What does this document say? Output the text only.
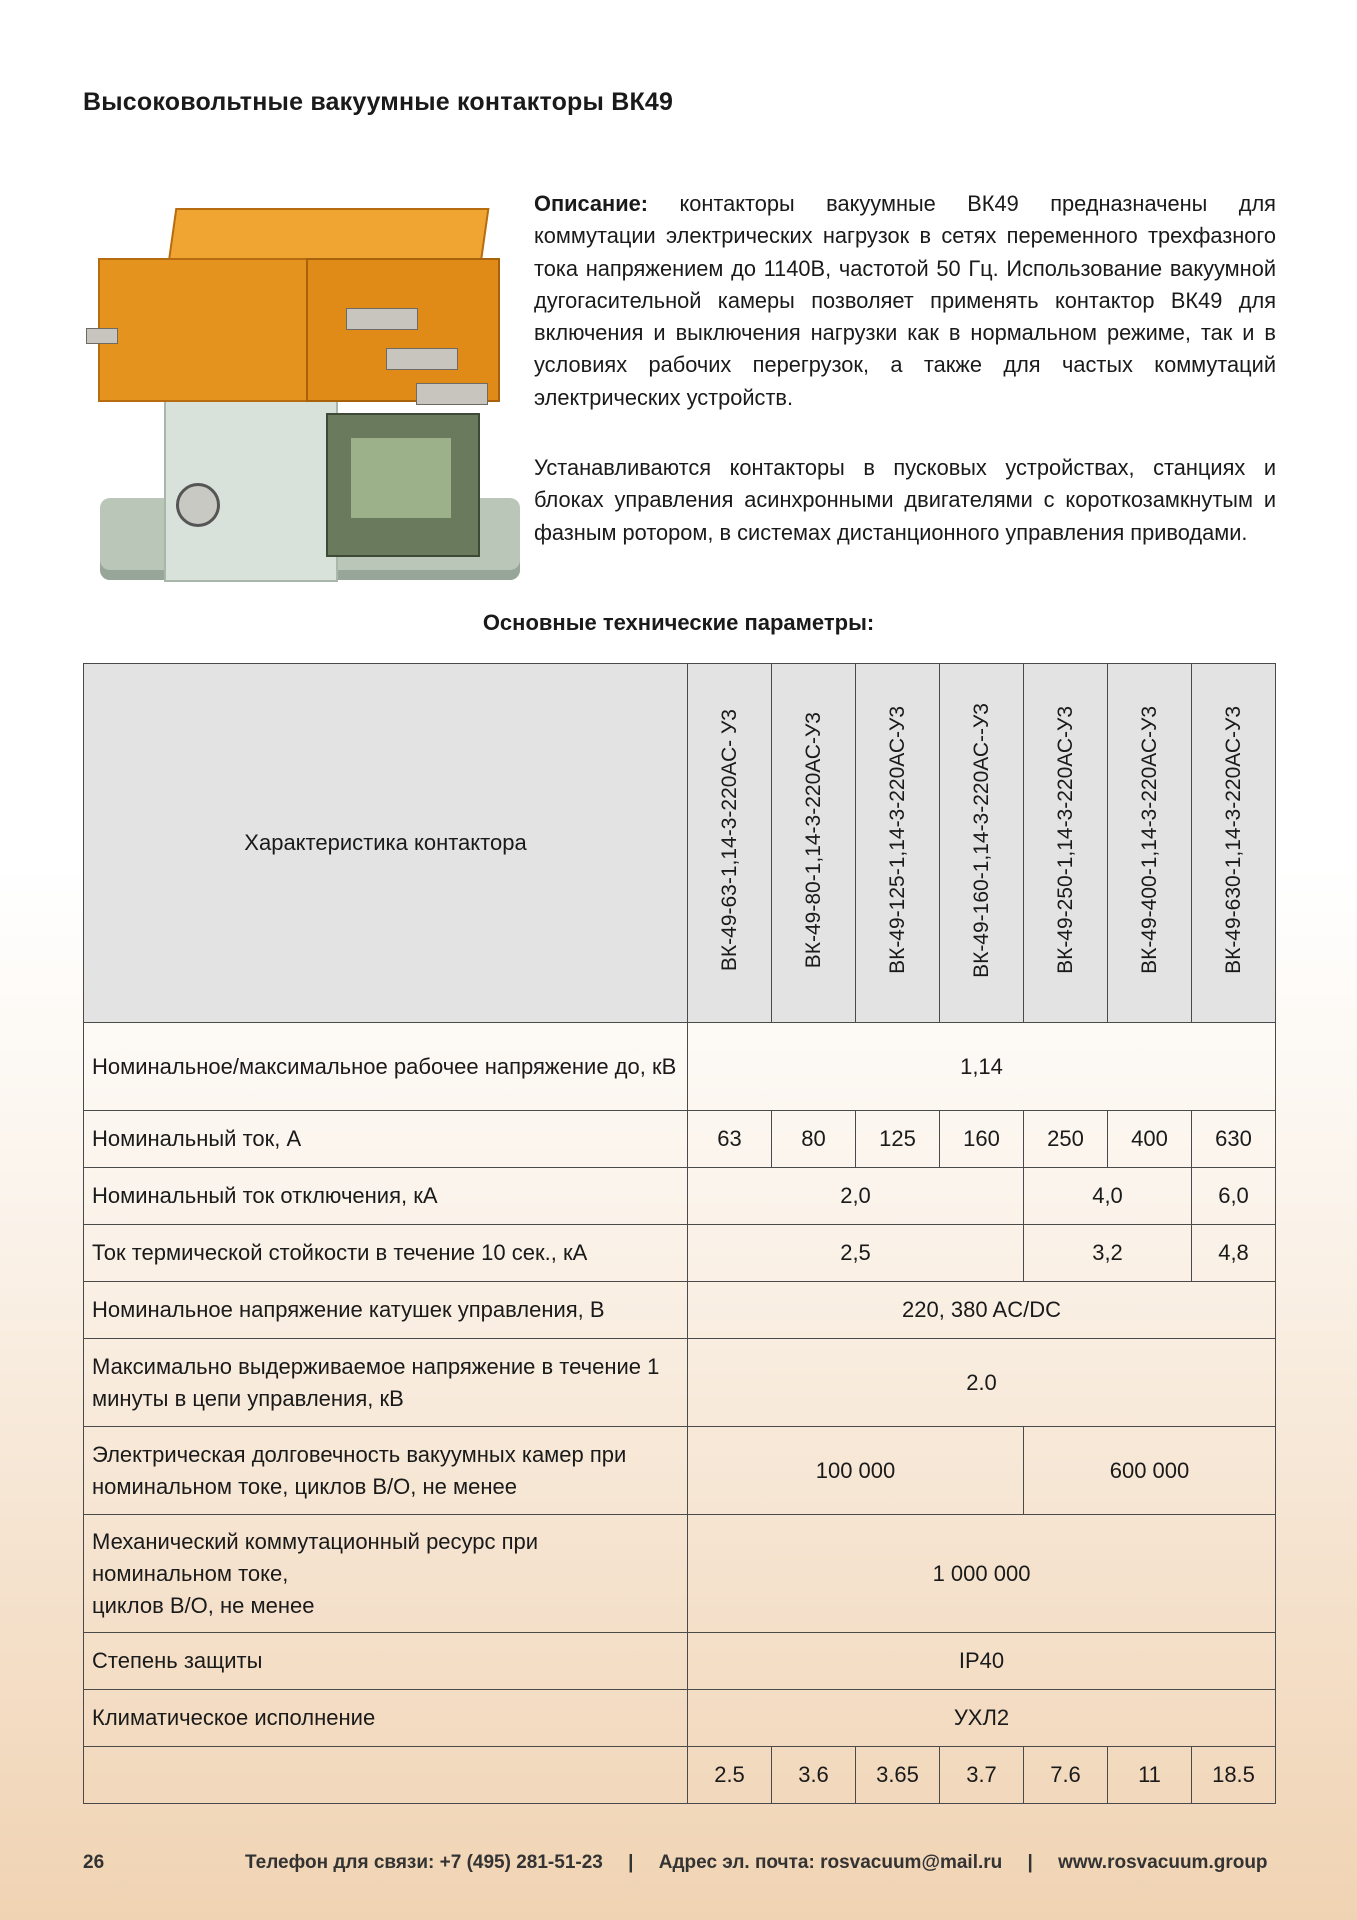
Высоковольтные вакуумные контакторы ВК49

Описание: контакторы вакуумные ВК49 предназначены для коммутации электрических нагрузок в сетях переменного трехфазного тока напряжением до 1140В, частотой 50 Гц. Использование вакуумной дугогасительной камеры позволяет применять контактор ВК49 для включения и выключения нагрузки как в нормальном режиме, так и в условиях рабочих перегрузок, а также для частых коммутаций электрических устройств.

Устанавливаются контакторы в пусковых устройствах, станциях и блоках управления асинхронными двигателями с короткозамкнутым и фазным ротором, в системах дистанционного управления приводами.

Основные технические параметры:
Характеристика контактора	ВК-49-63-1,14-3-220АС- У3	ВК-49-80-1,14-3-220АС-У3	ВК-49-125-1,14-3-220АС-У3	ВК-49-160-1,14-3-220АС--У3	ВК-49-250-1,14-3-220АС-У3	ВК-49-400-1,14-3-220АС-У3	ВК-49-630-1,14-3-220АС-У3
Номинальное/максимальное рабочее напряжение до, кВ	1,14						
Номинальный ток, А	63	80	125	160	250	400	630
Номинальный ток отключения, кА	2,0				4,0		6,0
Ток термической стойкости в течение 10 сек., кА	2,5				3,2		4,8
Номинальное напряжение катушек управления, В	220, 380 AC/DC						
Максимально выдерживаемое напряжение в течение 1 минуты в цепи управления, кВ	2.0						
Электрическая долговечность вакуумных камер при номинальном токе, циклов В/О, не менее	100 000				600 000		
Механический коммутационный ресурс при
номинальном токе,
циклов В/О, не менее	1 000 000						
Степень защиты	IP40						
Климатическое исполнение	УХЛ2						
	2.5	3.6	3.65	3.7	7.6	11	18.5
26	Телефон для связи: +7 (495) 281-51-23 | Адрес эл. почта: rosvacuum@mail.ru | www.rosvacuum.group
